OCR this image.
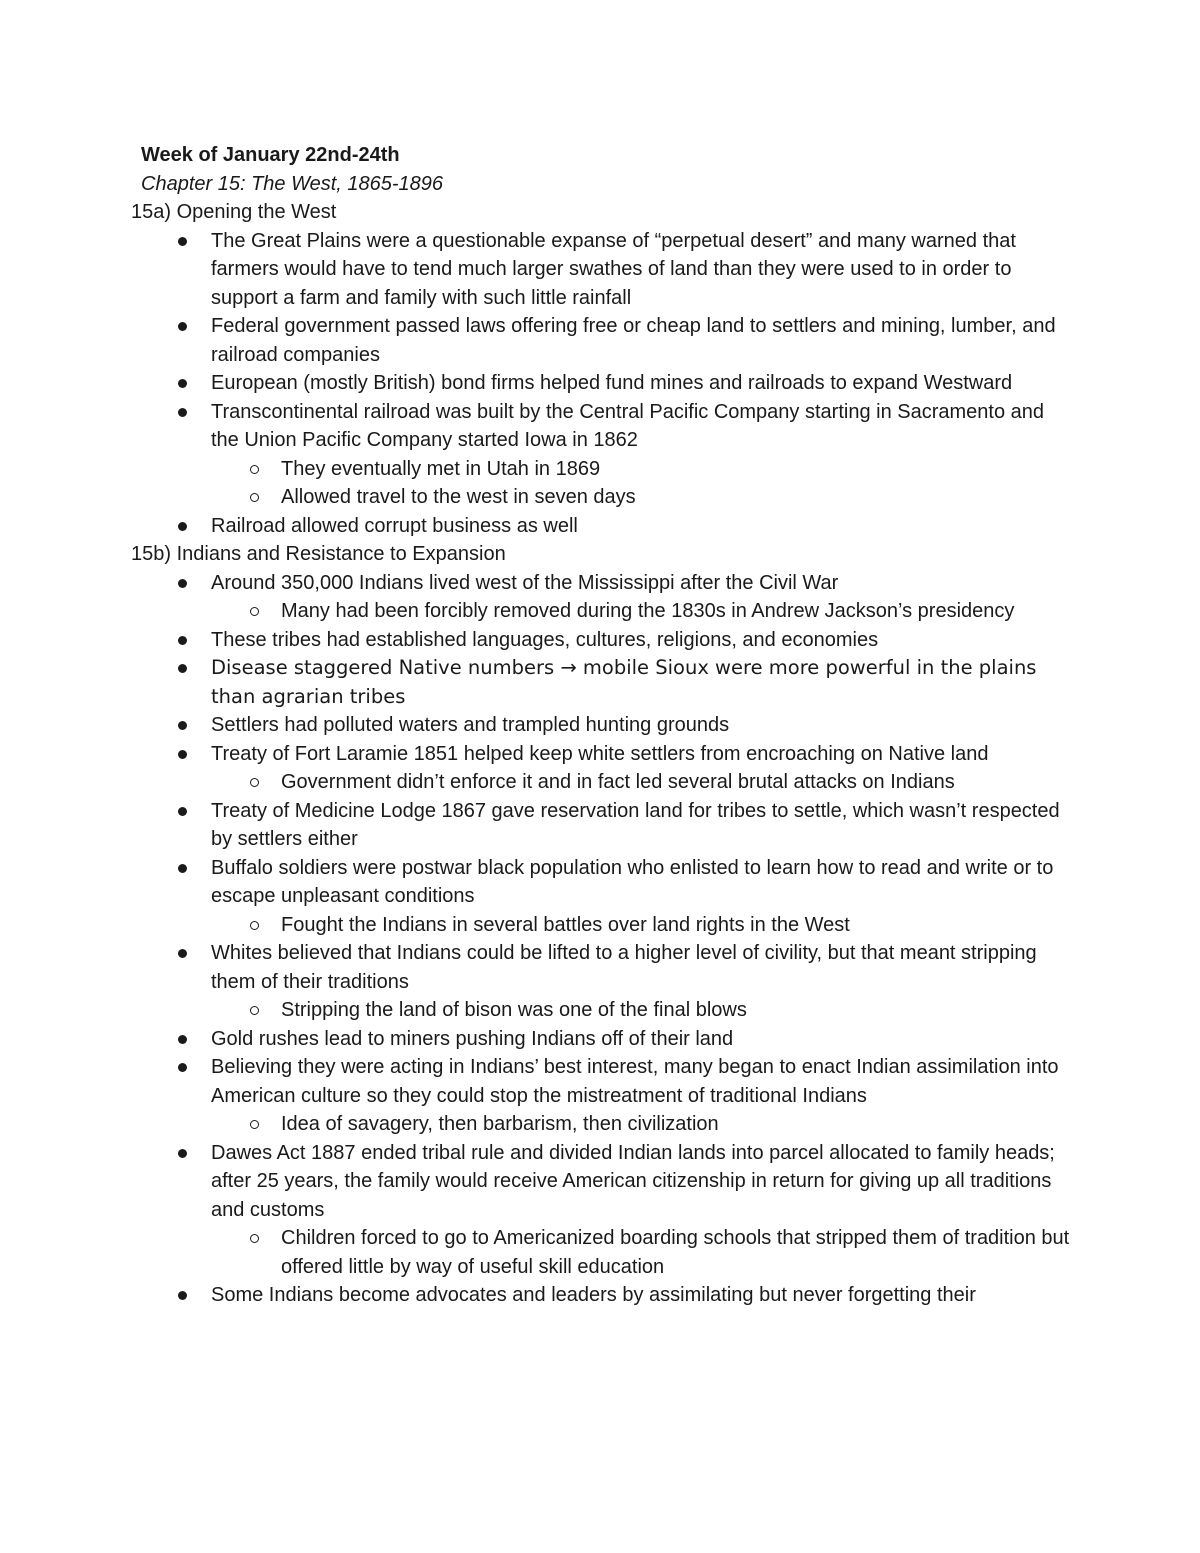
Week of January 22nd-24th

Chapter 15: The West, 1865-1896

15a) Opening the West

The Great Plains were a questionable expanse of “perpetual desert” and many warned that farmers would have to tend much larger swathes of land than they were used to in order to support a farm and family with such little rainfall
Federal government passed laws offering free or cheap land to settlers and mining, lumber, and railroad companies
European (mostly British) bond firms helped fund mines and railroads to expand Westward
Transcontinental railroad was built by the Central Pacific Company starting in Sacramento and the Union Pacific Company started Iowa in 1862
They eventually met in Utah in 1869
Allowed travel to the west in seven days
Railroad allowed corrupt business as well

15b) Indians and Resistance to Expansion

Around 350,000 Indians lived west of the Mississippi after the Civil War
Many had been forcibly removed during the 1830s in Andrew Jackson’s presidency
These tribes had established languages, cultures, religions, and economies
Disease staggered Native numbers → mobile Sioux were more powerful in the plains than agrarian tribes
Settlers had polluted waters and trampled hunting grounds
Treaty of Fort Laramie 1851 helped keep white settlers from encroaching on Native land
Government didn’t enforce it and in fact led several brutal attacks on Indians
Treaty of Medicine Lodge 1867 gave reservation land for tribes to settle, which wasn’t respected by settlers either
Buffalo soldiers were postwar black population who enlisted to learn how to read and write or to escape unpleasant conditions
Fought the Indians in several battles over land rights in the West
Whites believed that Indians could be lifted to a higher level of civility, but that meant stripping them of their traditions
Stripping the land of bison was one of the final blows
Gold rushes lead to miners pushing Indians off of their land
Believing they were acting in Indians’ best interest, many began to enact Indian assimilation into American culture so they could stop the mistreatment of traditional Indians
Idea of savagery, then barbarism, then civilization
Dawes Act 1887 ended tribal rule and divided Indian lands into parcel allocated to family heads; after 25 years, the family would receive American citizenship in return for giving up all traditions and customs
Children forced to go to Americanized boarding schools that stripped them of tradition but offered little by way of useful skill education
Some Indians become advocates and leaders by assimilating but never forgetting their
